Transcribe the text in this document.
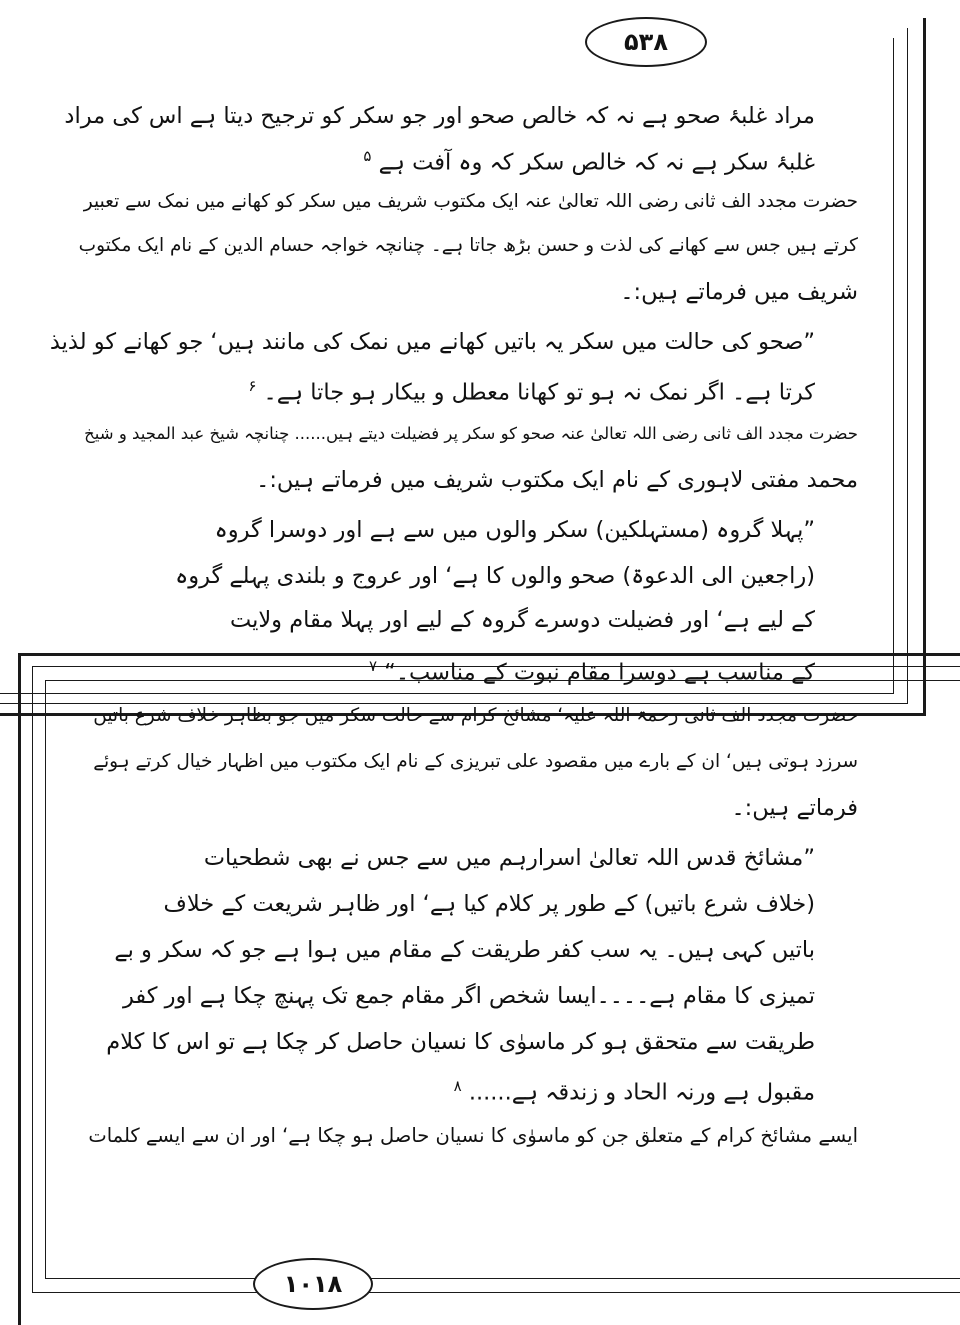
۵۳۸
۱۰۱۸
مراد غلبۂ صحو ہے نہ کہ خالص صحو اور جو سکر کو ترجیح دیتا ہے اس کی مراد
غلبۂ سکر ہے نہ کہ خالص سکر کہ وہ آفت ہے $^۵$
حضرت مجدد الف ثانی رضی اللہ تعالیٰ عنہ ایک مکتوب شریف میں سکر کو کھانے میں نمک سے تعبیر
کرتے ہیں جس سے کھانے کی لذت و حسن بڑھ جاتا ہے۔ چنانچہ خواجہ حسام الدین کے نام ایک مکتوب
شریف میں فرماتے ہیں:۔
”صحو کی حالت میں سکر یہ باتیں کھانے میں نمک کی مانند ہیں‘ جو کھانے کو لذیذ
کرتا ہے۔ اگر نمک نہ ہو تو کھانا معطل و بیکار ہو جاتا ہے۔ $^۶$
حضرت مجدد الف ثانی رضی اللہ تعالیٰ عنہ صحو کو سکر پر فضیلت دیتے ہیں...... چنانچہ شیخ عبد المجید و شیخ
محمد مفتی لاہوری کے نام ایک مکتوب شریف میں فرماتے ہیں:۔
”پہلا گروہ (مستہلکین) سکر والوں میں سے ہے اور دوسرا گروہ
(راجعین الی الدعوۃ) صحو والوں کا ہے‘ اور عروج و بلندی پہلے گروہ
کے لیے ہے‘ اور فضیلت دوسرے گروہ کے لیے اور پہلا مقام ولایت
کے مناسب ہے دوسرا مقام نبوت کے مناسب۔“ $^۷$
حضرت مجدد الف ثانی رحمۃ اللہ علیہ‘ مشائخ کرام سے حالت سکر میں جو بظاہر خلاف شرع باتیں
سرزد ہوتی ہیں‘ ان کے بارے میں مقصود علی تبریزی کے نام ایک مکتوب میں اظہار خیال کرتے ہوئے
فرماتے ہیں:۔
”مشائخ قدس اللہ تعالیٰ اسرارہم میں سے جس نے بھی شطحیات
(خلاف شرع باتیں) کے طور پر کلام کیا ہے‘ اور ظاہر شریعت کے خلاف
باتیں کہی ہیں۔ یہ سب کفر طریقت کے مقام میں ہوا ہے جو کہ سکر و بے
تمیزی کا مقام ہے۔۔۔۔ایسا شخص اگر مقام جمع تک پہنچ چکا ہے اور کفر
طریقت سے متحقق ہو کر ماسوٰی کا نسیان حاصل کر چکا ہے تو اس کا کلام
مقبول ہے ورنہ الحاد و زندقہ ہے...... $^۸$
ایسے مشائخ کرام کے متعلق جن کو ماسوٰی کا نسیان حاصل ہو چکا ہے‘ اور ان سے ایسے کلمات
